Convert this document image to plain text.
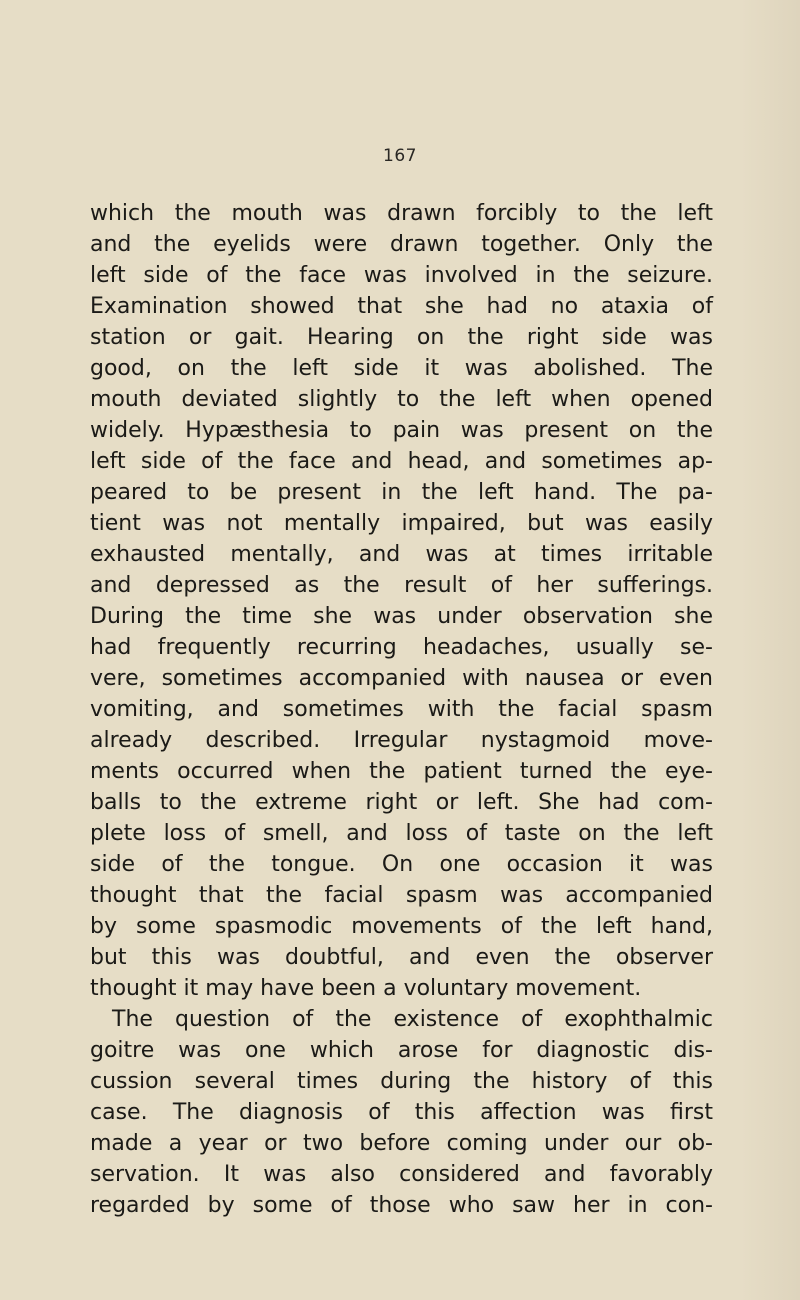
167
which the mouth was drawn forcibly to the left
and the eyelids were drawn together. Only the
left side of the face was involved in the seizure.
Examination showed that she had no ataxia of
station or gait. Hearing on the right side was
good, on the left side it was abolished. The
mouth deviated slightly to the left when opened
widely. Hypæsthesia to pain was present on the
left side of the face and head, and sometimes ap-
peared to be present in the left hand. The pa-
tient was not mentally impaired, but was easily
exhausted mentally, and was at times irritable
and depressed as the result of her sufferings.
During the time she was under observation she
had frequently recurring headaches, usually se-
vere, sometimes accompanied with nausea or even
vomiting, and sometimes with the facial spasm
already described. Irregular nystagmoid move-
ments occurred when the patient turned the eye-
balls to the extreme right or left. She had com-
plete loss of smell, and loss of taste on the left
side of the tongue. On one occasion it was
thought that the facial spasm was accompanied
by some spasmodic movements of the left hand,
but this was doubtful, and even the observer
thought it may have been a voluntary movement.
The question of the existence of exophthalmic
goitre was one which arose for diagnostic dis-
cussion several times during the history of this
case. The diagnosis of this affection was first
made a year or two before coming under our ob-
servation. It was also considered and favorably
regarded by some of those who saw her in con-
